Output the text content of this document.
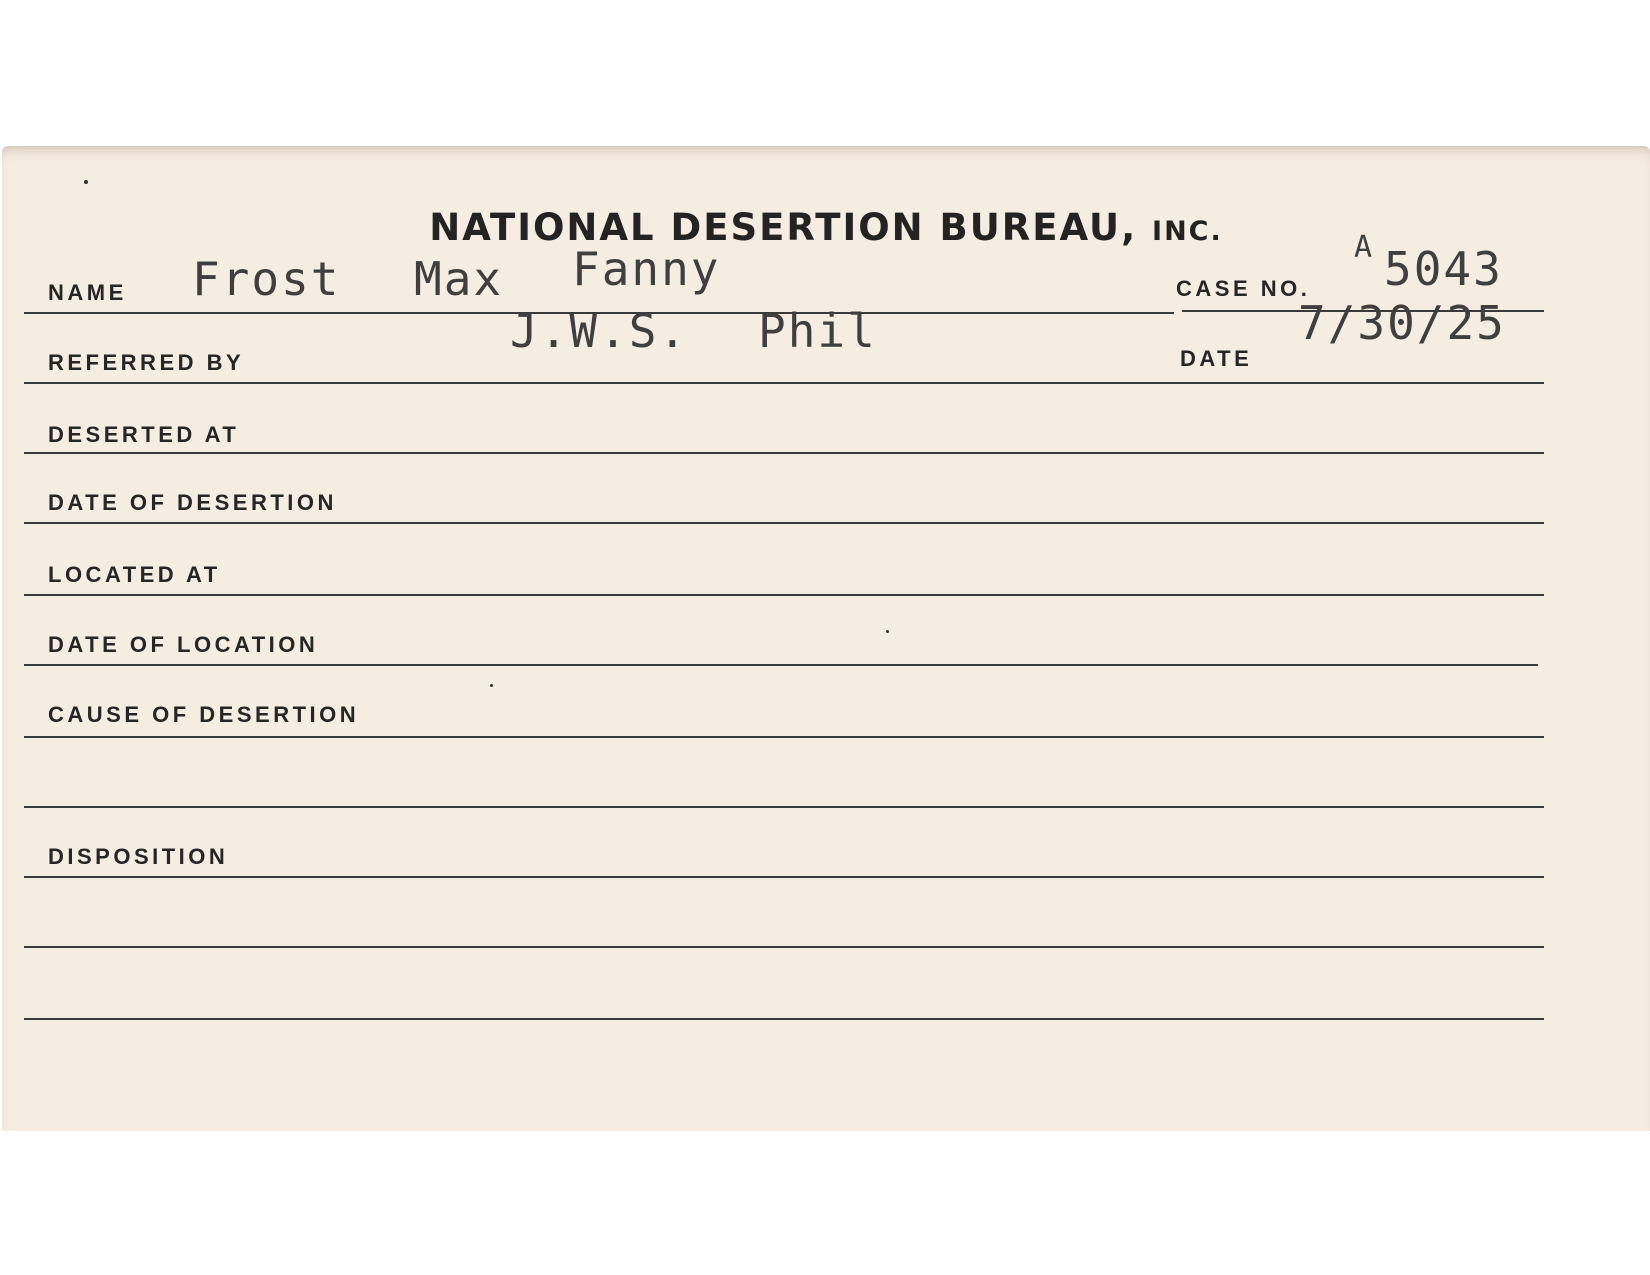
NATIONAL DESERTION BUREAU, INC.
NAME Frost Max Fanny	CASE NO.
A 5043
REFERRED BY
J.W.S. Phil
DATE
7/30/25
DESERTED AT
DATE OF DESERTION
LOCATED AT
DATE OF LOCATION
CAUSE OF DESERTION
DISPOSITION
